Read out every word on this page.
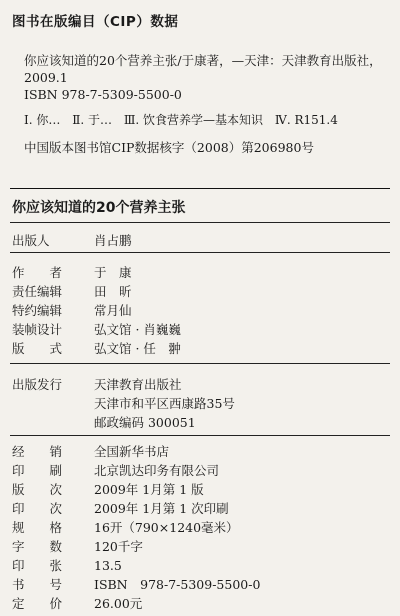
图书在版编目（CIP）数据
你应该知道的20个营养主张/于康著，—天津：天津教育出版社，
2009.1
ISBN 978-7-5309-5500-0
Ⅰ. 你… Ⅱ. 于… Ⅲ. 饮食营养学—基本知识 Ⅳ. R151.4
中国版本图书馆CIP数据核字（2008）第206980号
你应该知道的20个营养主张
出版人	肖占鹏
作　　者	于　康
责任编辑	田　昕
特约编辑	常月仙
装帧设计	弘文馆 · 肖巍巍
版　　式	弘文馆 · 任　翀
出版发行	天津教育出版社
天津市和平区西康路35号
邮政编码 300051
经　　销	全国新华书店
印　　刷	北京凯达印务有限公司
版　　次	2009年 1月第 1 版
印　　次	2009年 1月第 1 次印刷
规　　格	16开（790×1240毫米）
字　　数	120千字
印　　张	13.5
书　　号	ISBN　978-7-5309-5500-0
定　　价	26.00元
